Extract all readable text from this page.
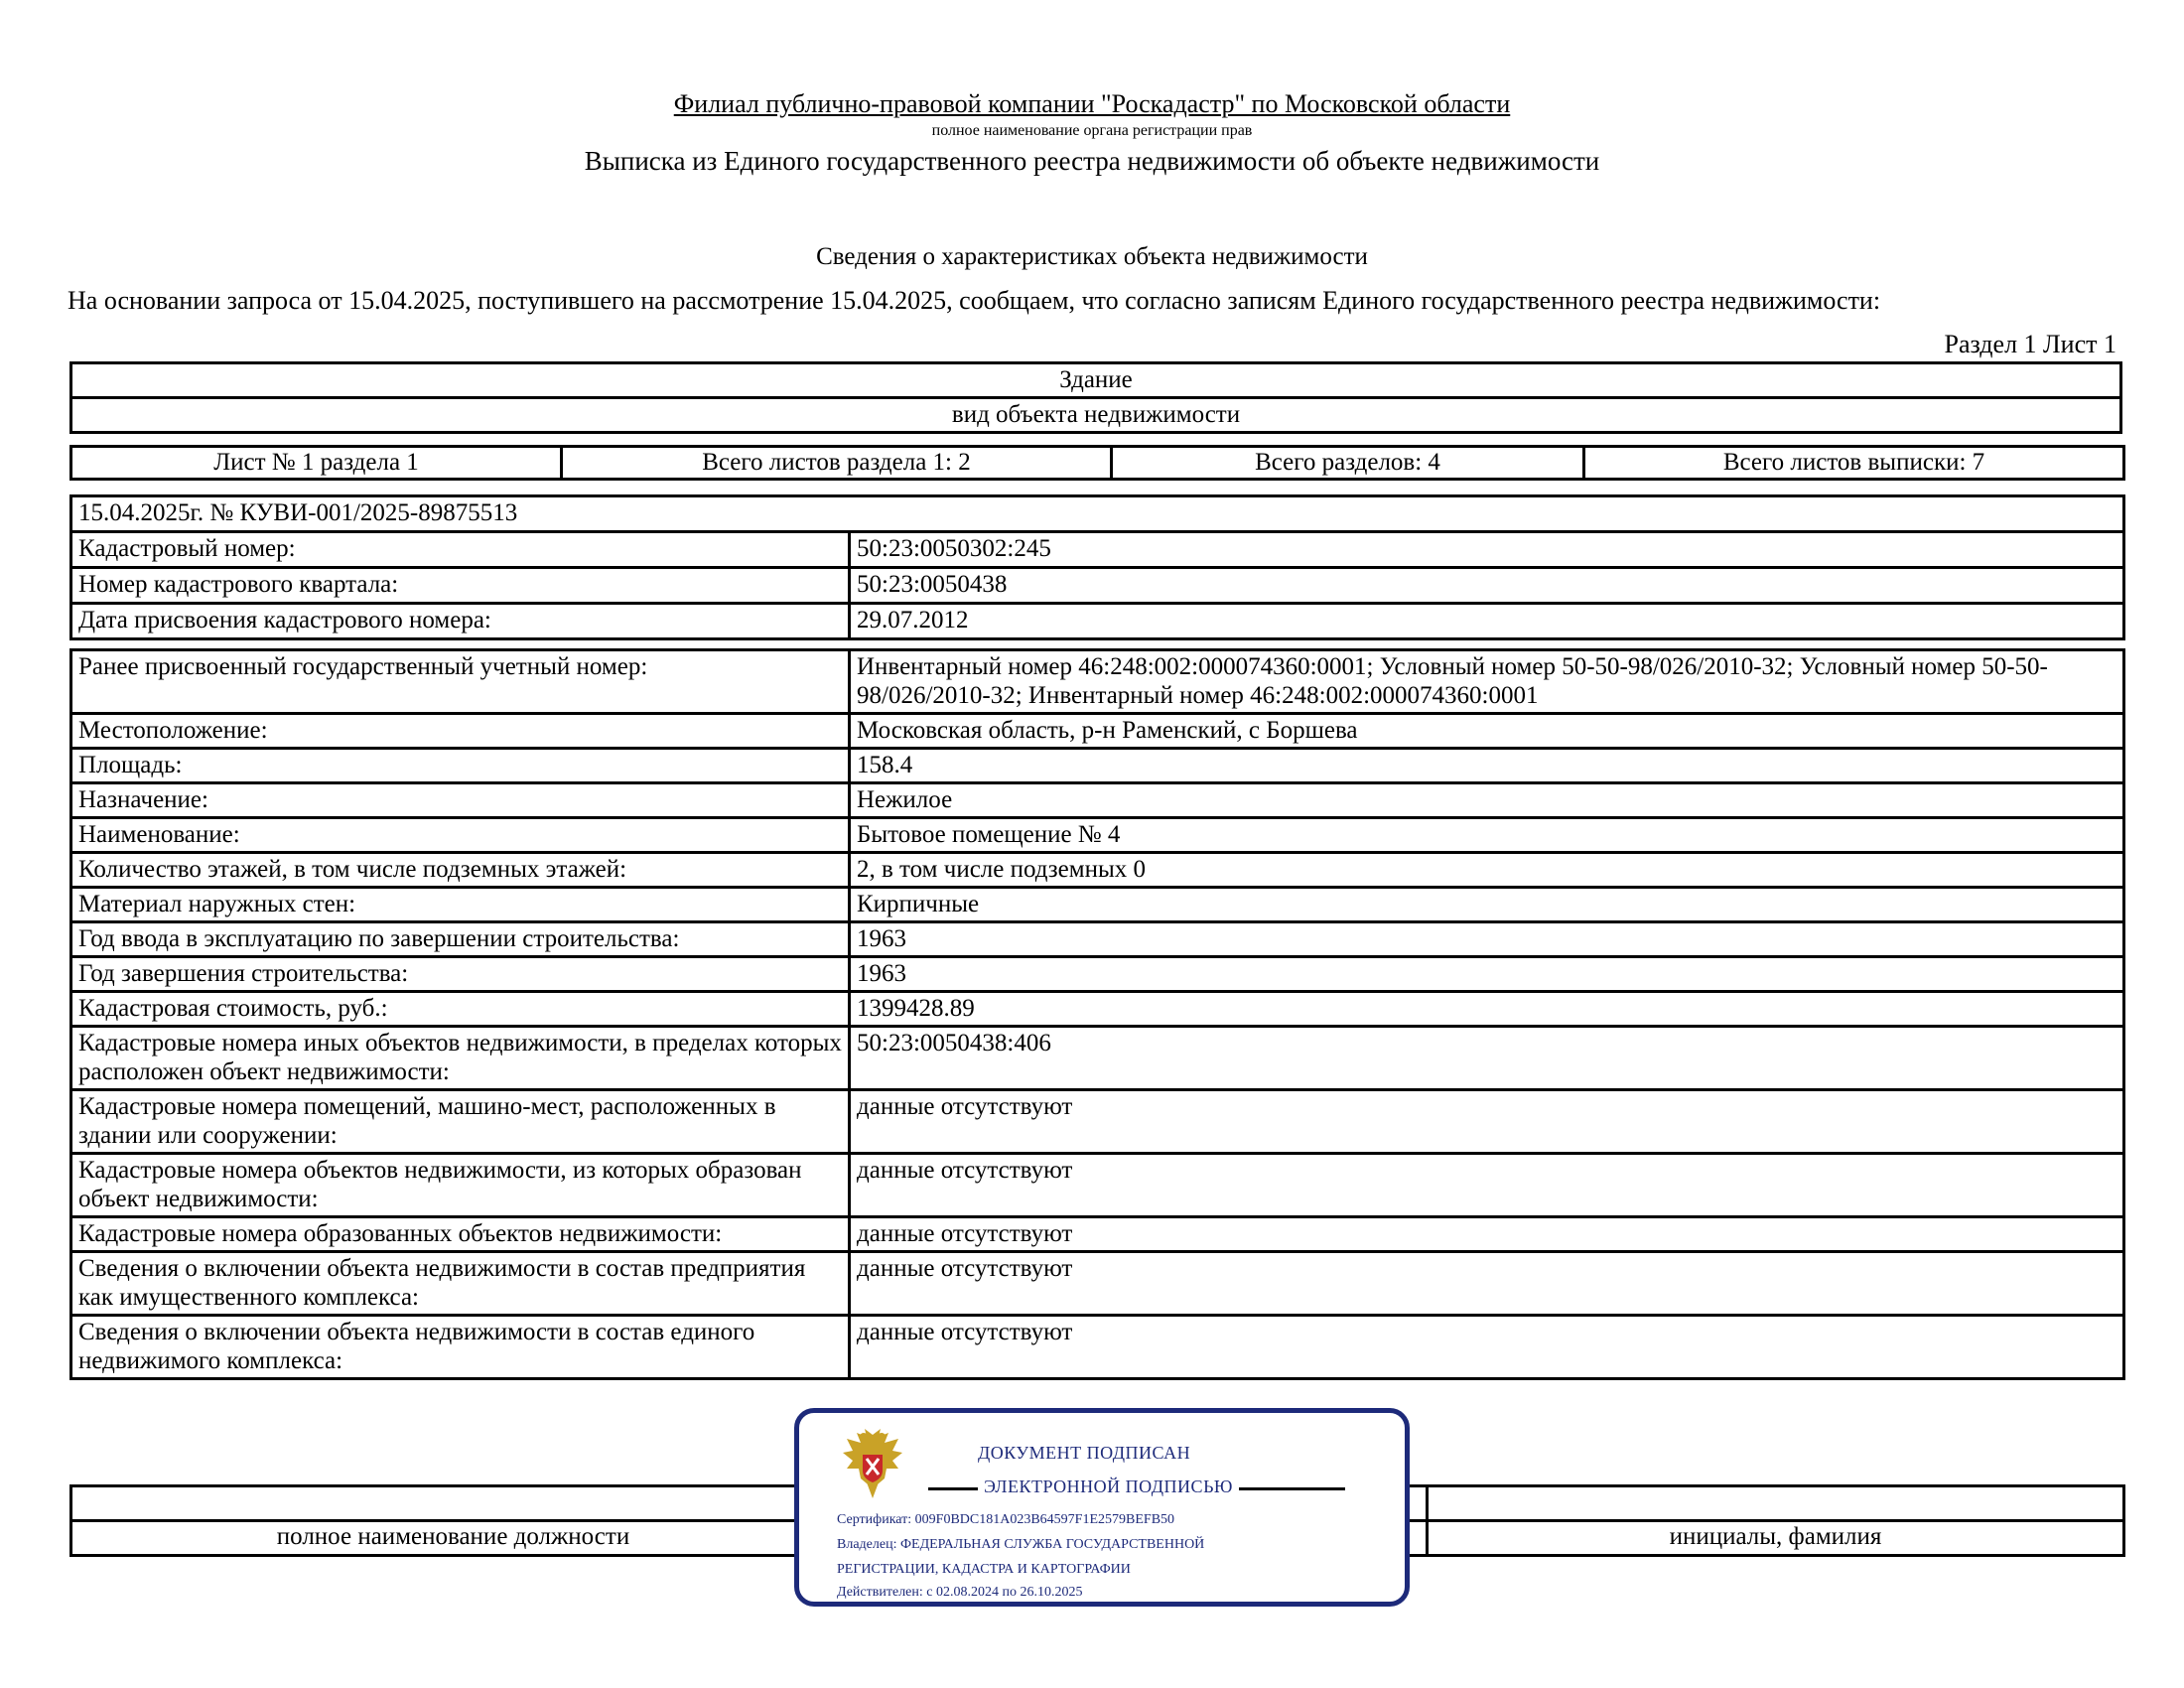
Филиал публично-правовой компании "Роскадастр" по Московской области
полное наименование органа регистрации прав
Выписка из Единого государственного реестра недвижимости об объекте недвижимости
Сведения о характеристиках объекта недвижимости
На основании запроса от 15.04.2025, поступившего на рассмотрение 15.04.2025, сообщаем, что согласно записям Единого государственного реестра недвижимости:
Раздел 1 Лист 1
Здание
вид объекта недвижимости
Лист № 1 раздела 1	Всего листов раздела 1: 2	Всего разделов: 4	Всего листов выписки: 7
15.04.2025г. № КУВИ-001/2025-89875513	
Кадастровый номер:	50:23:0050302:245
Номер кадастрового квартала:	50:23:0050438
Дата присвоения кадастрового номера:	29.07.2012
Ранее присвоенный государственный учетный номер:	Инвентарный номер 46:248:002:000074360:0001; Условный номер 50-50-98/026/2010-32; Условный номер 50-50-98/026/2010-32; Инвентарный номер 46:248:002:000074360:0001
Местоположение:	Московская область, р-н Раменский, с Боршева
Площадь:	158.4
Назначение:	Нежилое
Наименование:	Бытовое помещение № 4
Количество этажей, в том числе подземных этажей:	2, в том числе подземных 0
Материал наружных стен:	Кирпичные
Год ввода в эксплуатацию по завершении строительства:	1963
Год завершения строительства:	1963
Кадастровая стоимость, руб.:	1399428.89
Кадастровые номера иных объектов недвижимости, в пределах которых расположен объект недвижимости:	50:23:0050438:406
Кадастровые номера помещений, машино-мест, расположенных в здании или сооружении:	данные отсутствуют
Кадастровые номера объектов недвижимости, из которых образован объект недвижимости:	данные отсутствуют
Кадастровые номера образованных объектов недвижимости:	данные отсутствуют
Сведения о включении объекта недвижимости в состав предприятия как имущественного комплекса:	данные отсутствуют
Сведения о включении объекта недвижимости в состав единого недвижимого комплекса:	данные отсутствуют

полное наименование должности		инициалы, фамилия
ДОКУМЕНТ ПОДПИСАН
ЭЛЕКТРОННОЙ ПОДПИСЬЮ
Сертификат: 009F0BDC181A023B64597F1E2579BEFB50
Владелец: ФЕДЕРАЛЬНАЯ СЛУЖБА ГОСУДАРСТВЕННОЙ
РЕГИСТРАЦИИ, КАДАСТРА И КАРТОГРАФИИ
Действителен: с 02.08.2024 по 26.10.2025
